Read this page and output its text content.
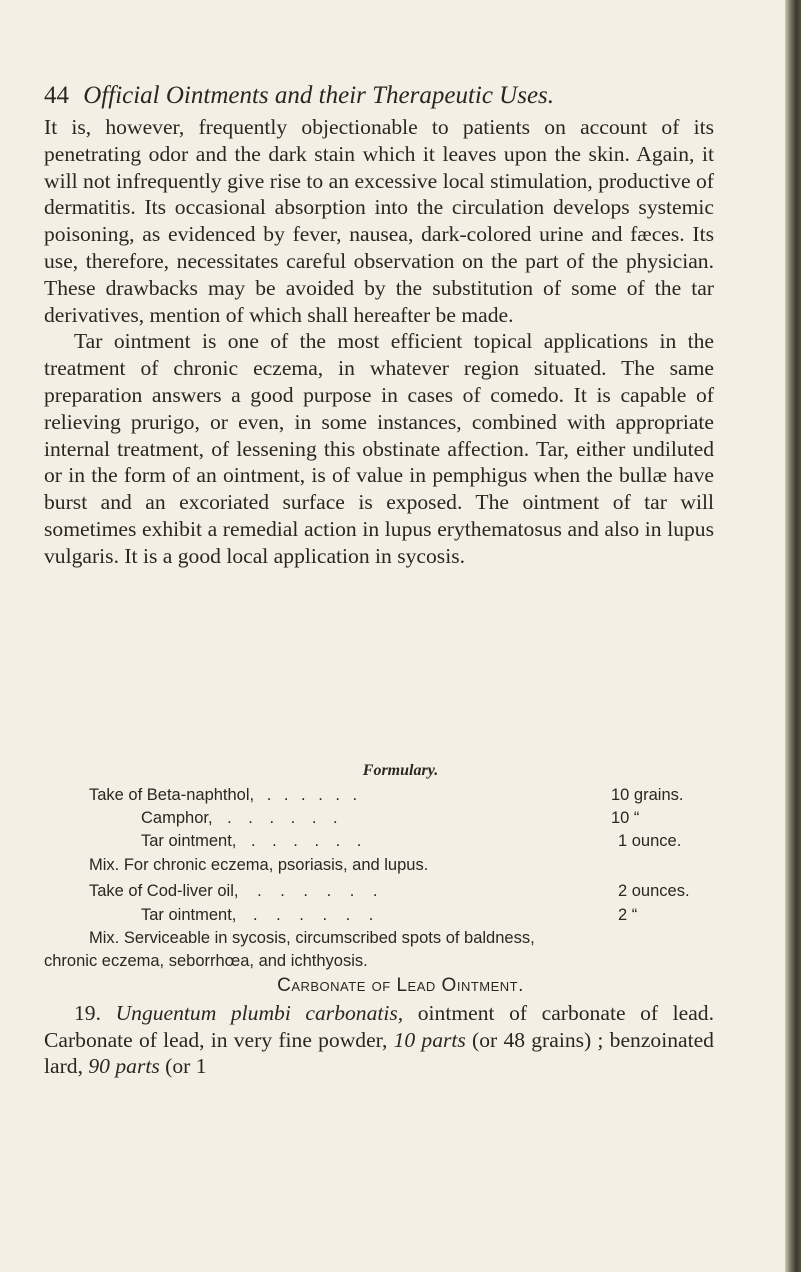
44 Official Ointments and their Therapeutic Uses.

It is, however, frequently objectionable to patients on account of its penetrating odor and the dark stain which it leaves upon the skin. Again, it will not infrequently give rise to an excessive local stimulation, productive of dermatitis. Its occasional absorption into the circulation develops systemic poisoning, as evidenced by fever, nausea, dark-colored urine and fæces. Its use, therefore, necessitates careful observation on the part of the physician. These drawbacks may be avoided by the substitution of some of the tar derivatives, mention of which shall hereafter be made.

Tar ointment is one of the most efficient topical applications in the treatment of chronic eczema, in whatever region situated. The same preparation answers a good purpose in cases of comedo. It is capable of relieving prurigo, or even, in some instances, combined with appropriate internal treatment, of lessening this obstinate affection. Tar, either undiluted or in the form of an ointment, is of value in pemphigus when the bullæ have burst and an excoriated surface is exposed. The ointment of tar will sometimes exhibit a remedial action in lupus erythematosus and also in lupus vulgaris. It is a good local application in sycosis.

Formulary.
Take of Beta-naphthol, . . . . . .	10 grains.
Camphor, . . . . . .	10 “
Tar ointment, . . . . . .	1 ounce.
Mix. For chronic eczema, psoriasis, and lupus.
Take of Cod-liver oil, . . . . . .	2 ounces.
Tar ointment, . . . . . .	2 “
Mix. Serviceable in sycosis, circumscribed spots of baldness,
chronic eczema, seborrhœa, and ichthyosis.
Carbonate of Lead Ointment.

19. Unguentum plumbi carbonatis, ointment of carbonate of lead. Carbonate of lead, in very fine powder, 10 parts (or 48 grains) ; benzoinated lard, 90 parts (or 1
